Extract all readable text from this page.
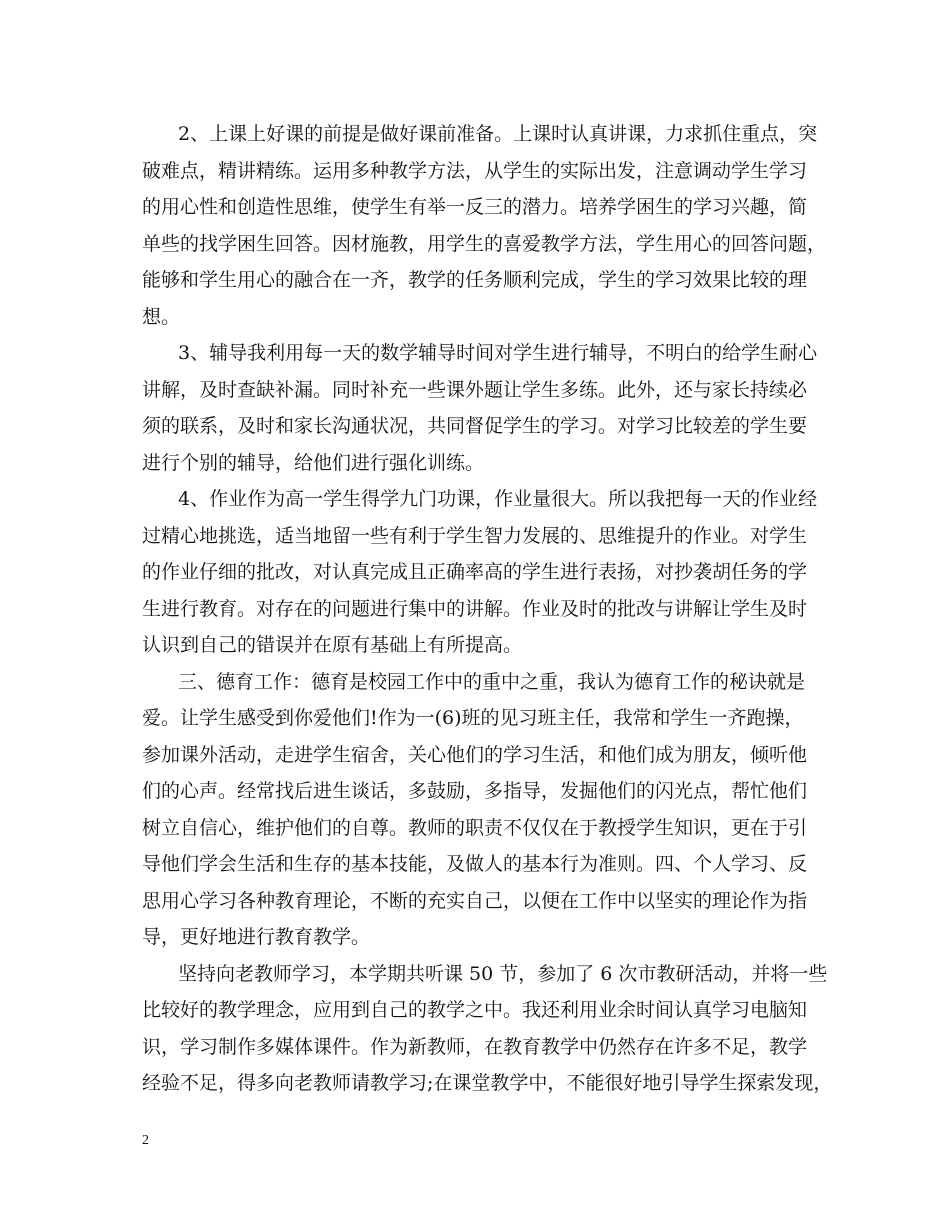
2、上课上好课的前提是做好课前准备。上课时认真讲课，力求抓住重点，突
破难点，精讲精练。运用多种教学方法，从学生的实际出发，注意调动学生学习
的用心性和创造性思维，使学生有举一反三的潜力。培养学困生的学习兴趣，简
单些的找学困生回答。因材施教，用学生的喜爱教学方法，学生用心的回答问题，
能够和学生用心的融合在一齐，教学的任务顺利完成，学生的学习效果比较的理
想。
3、辅导我利用每一天的数学辅导时间对学生进行辅导，不明白的给学生耐心
讲解，及时查缺补漏。同时补充一些课外题让学生多练。此外，还与家长持续必
须的联系，及时和家长沟通状况，共同督促学生的学习。对学习比较差的学生要
进行个别的辅导，给他们进行强化训练。
4、作业作为高一学生得学九门功课，作业量很大。所以我把每一天的作业经
过精心地挑选，适当地留一些有利于学生智力发展的、思维提升的作业。对学生
的作业仔细的批改，对认真完成且正确率高的学生进行表扬，对抄袭胡任务的学
生进行教育。对存在的问题进行集中的讲解。作业及时的批改与讲解让学生及时
认识到自己的错误并在原有基础上有所提高。
三、德育工作：德育是校园工作中的重中之重，我认为德育工作的秘诀就是
爱。让学生感受到你爱他们!作为一(6)班的见习班主任，我常和学生一齐跑操，
参加课外活动，走进学生宿舍，关心他们的学习生活，和他们成为朋友，倾听他
们的心声。经常找后进生谈话，多鼓励，多指导，发掘他们的闪光点，帮忙他们
树立自信心，维护他们的自尊。教师的职责不仅仅在于教授学生知识，更在于引
导他们学会生活和生存的基本技能，及做人的基本行为准则。四、个人学习、反
思用心学习各种教育理论，不断的充实自己，以便在工作中以坚实的理论作为指
导，更好地进行教育教学。
坚持向老教师学习，本学期共听课 50 节，参加了 6 次市教研活动，并将一些
比较好的教学理念，应用到自己的教学之中。我还利用业余时间认真学习电脑知
识，学习制作多媒体课件。作为新教师，在教育教学中仍然存在许多不足，教学
经验不足，得多向老教师请教学习;在课堂教学中，不能很好地引导学生探索发现，
2
